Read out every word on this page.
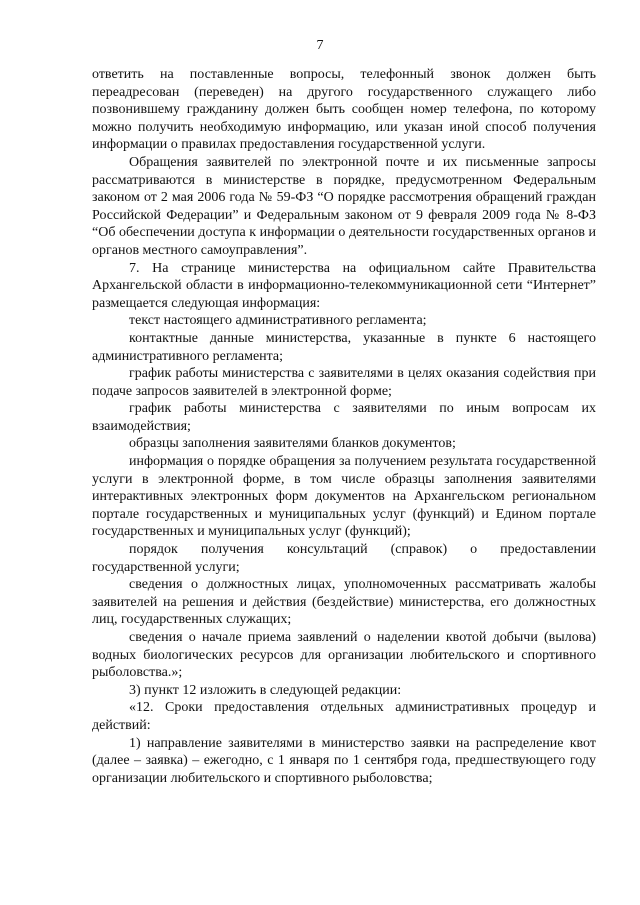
7

ответить на поставленные вопросы, телефонный звонок должен быть переадресован (переведен) на другого государственного служащего либо позвонившему гражданину должен быть сообщен номер телефона, по которому можно получить необходимую информацию, или указан иной способ получения информации о правилах предоставления государственной услуги.

Обращения заявителей по электронной почте и их письменные запросы рассматриваются в министерстве в порядке, предусмотренном Федеральным законом от 2 мая 2006 года № 59-ФЗ “О порядке рассмотрения обращений граждан Российской Федерации” и Федеральным законом от 9 февраля 2009 года № 8-ФЗ “Об обеспечении доступа к информации о деятельности государственных органов и органов местного самоуправления”.

7. На странице министерства на официальном сайте Правительства Архангельской области в информационно-телекоммуникационной сети “Интернет” размещается следующая информация:

текст настоящего административного регламента;

контактные данные министерства, указанные в пункте 6 настоящего административного регламента;

график работы министерства с заявителями в целях оказания содействия при подаче запросов заявителей в электронной форме;

график работы министерства с заявителями по иным вопросам их взаимодействия;

образцы заполнения заявителями бланков документов;

информация о порядке обращения за получением результата государственной услуги в электронной форме, в том числе образцы заполнения заявителями интерактивных электронных форм документов на Архангельском региональном портале государственных и муниципальных услуг (функций) и Едином портале государственных и муниципальных услуг (функций);

порядок получения консультаций (справок) о предоставлении государственной услуги;

сведения о должностных лицах, уполномоченных рассматривать жалобы заявителей на решения и действия (бездействие) министерства, его должностных лиц, государственных служащих;

сведения о начале приема заявлений о наделении квотой добычи (вылова) водных биологических ресурсов для организации любительского и спортивного рыболовства.»;

3) пункт 12 изложить в следующей редакции:

«12. Сроки предоставления отдельных административных процедур и действий:

1) направление заявителями в министерство заявки на распределение квот (далее – заявка) – ежегодно, с 1 января по 1 сентября года, предшествующего году организации любительского и спортивного рыболовства;
